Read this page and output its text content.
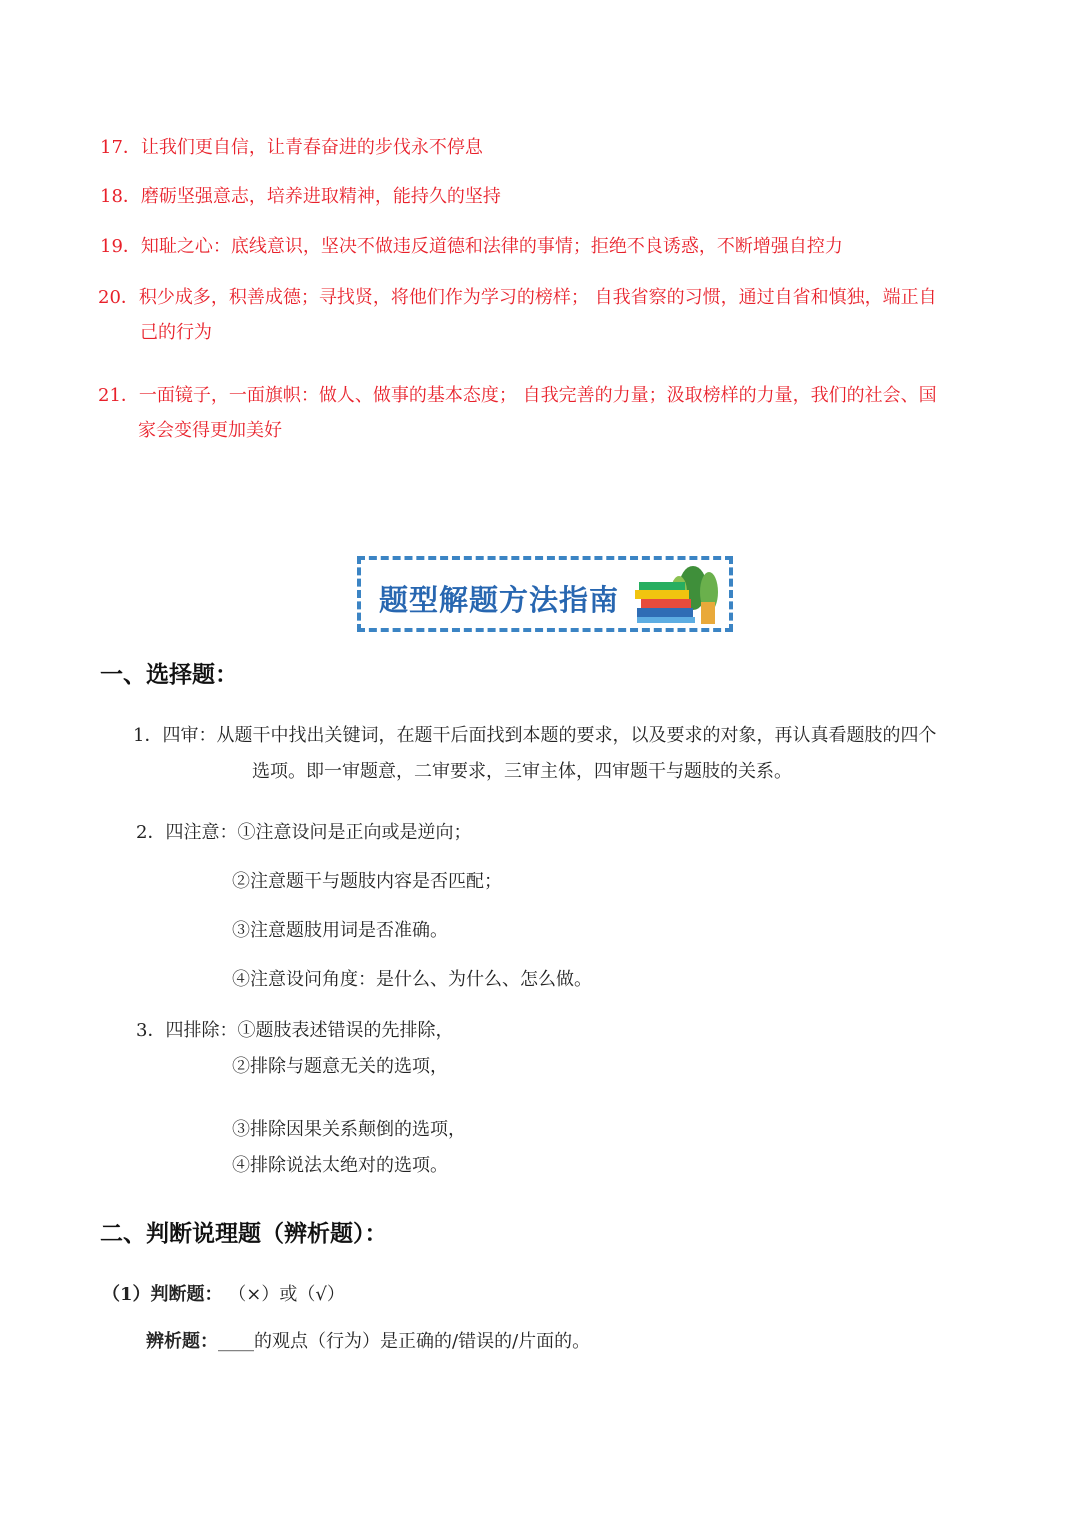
17．让我们更自信，让青春奋进的步伐永不停息
18．磨砺坚强意志，培养进取精神，能持久的坚持
19．知耻之心：底线意识，坚决不做违反道德和法律的事情；拒绝不良诱惑，不断增强自控力
20．积少成多，积善成德；寻找贤，将他们作为学习的榜样； 自我省察的习惯，通过自省和慎独，端正自
己的行为
21．一面镜子，一面旗帜：做人、做事的基本态度； 自我完善的力量；汲取榜样的力量，我们的社会、国
家会变得更加美好
题型解题方法指南
一、选择题：
1．四审：从题干中找出关键词，在题干后面找到本题的要求，以及要求的对象，再认真看题肢的四个
选项。即一审题意，二审要求，三审主体，四审题干与题肢的关系。
2．四注意：①注意设问是正向或是逆向；
②注意题干与题肢内容是否匹配；
③注意题肢用词是否准确。
④注意设问角度：是什么、为什么、怎么做。
3．四排除：①题肢表述错误的先排除，
②排除与题意无关的选项，
③排除因果关系颠倒的选项，
④排除说法太绝对的选项。
二、判断说理题（辨析题）：
（1）判断题： （×）或（√）
辨析题：____的观点（行为）是正确的/错误的/片面的。
